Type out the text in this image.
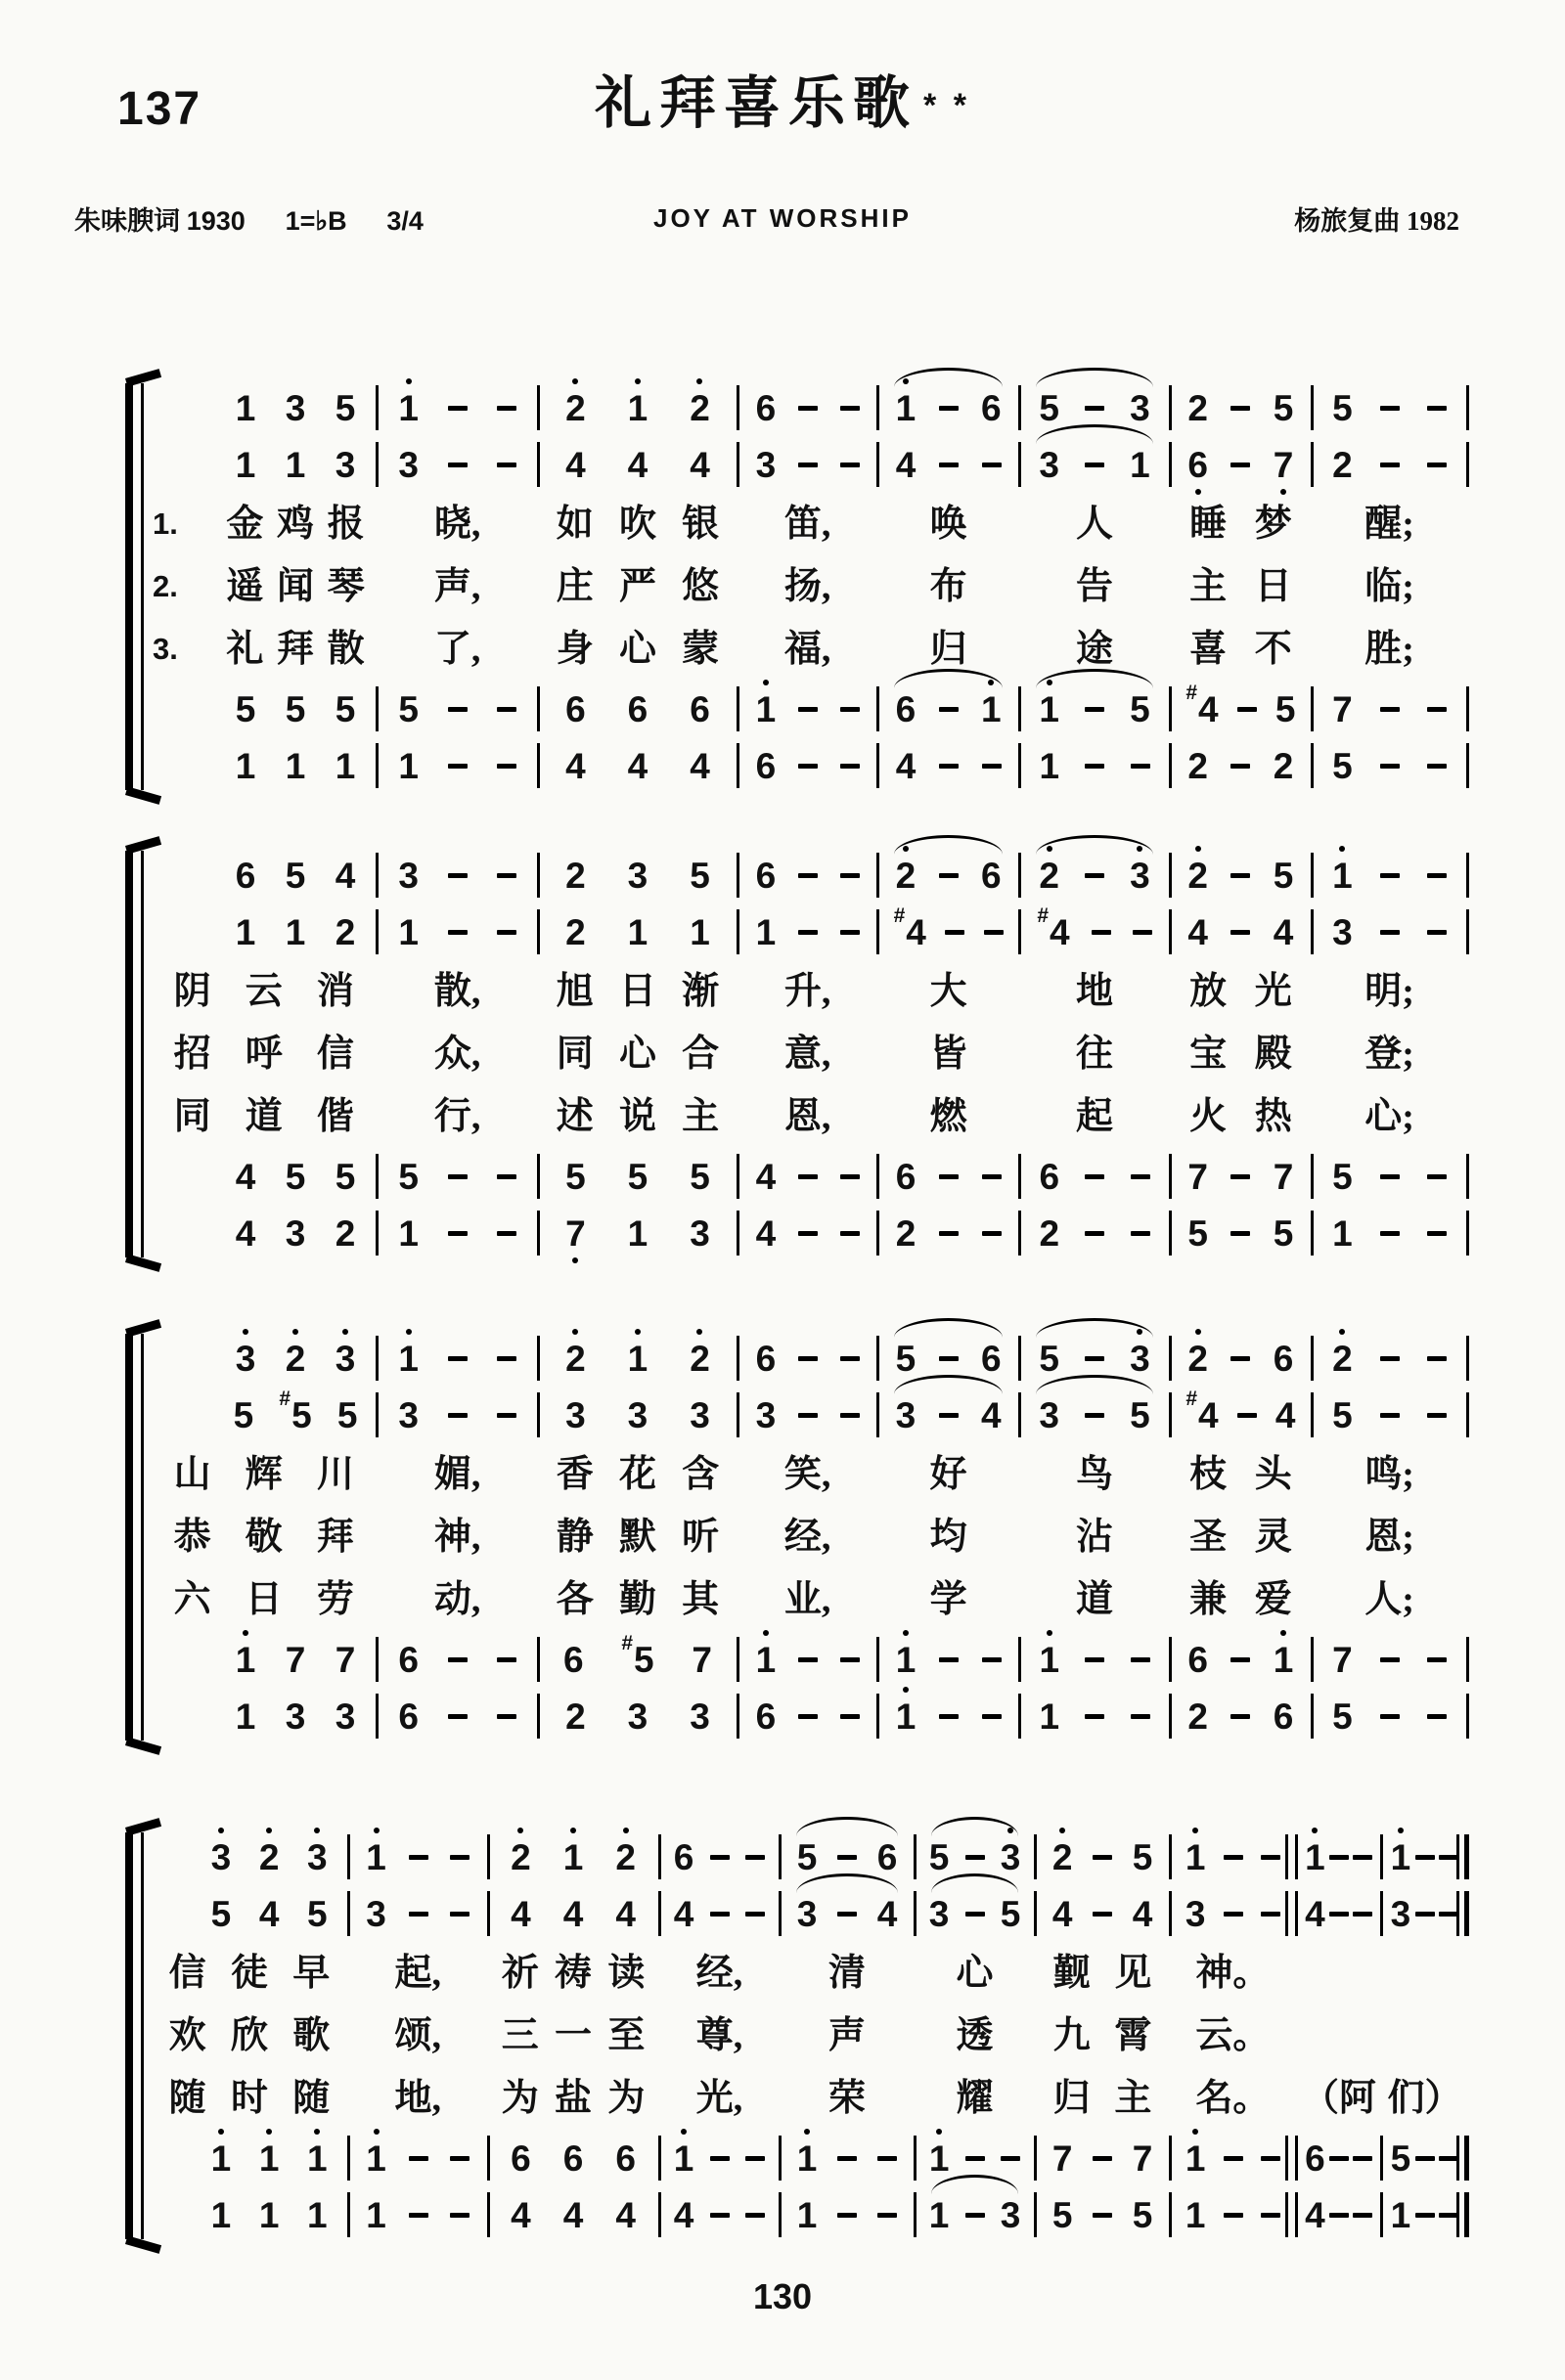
137	礼拜喜乐歌 * *
朱味腴词 1930 1=♭B 3/4	JOY AT WORSHIP	杨旅复曲 1982

	1 3 5	1	2 1 2	6	1 6	5 3	2 5	5

	1 1 3	3	4 4 4	3	4	3 1	6 7	2

1.	金 鸡 报	晓,	如 吹 银	笛,	唤	人	睡 梦	醒;

2.	遥 闻 琴	声,	庄 严 悠	扬,	布	告	主 日	临;

3.	礼 拜 散	了,	身 心 蒙	福,	归	途	喜 不	胜;

	5 5 5	5	6 6 6	1	6 1	1 5	# 4 5	7

	1 1 1	1	4 4 4	6	4	1	2 2	5

	6 5 4	3	2 3 5	6	2 6	2 3	2 5	1

	1 1 2	1	2 1 1	1	# 4	# 4	4 4	3

阴 云 消		散,	旭 日 渐	升,	大	地	放 光	明;

招 呼 信		众,	同 心 合	意,	皆	往	宝 殿	登;

同 道 偕		行,	述 说 主	恩,	燃	起	火 热	心;

	4 5 5	5	5 5 5	4	6	6	7 7	5

	4 3 2	1	7 1 3	4	2	2	5 5	1

	3 2 3	1	2 1 2	6	5 6	5 3	2 6	2

	5 # 5 5	3	3 3 3	3	3 4	3 5	# 4 4	5

山 辉 川		媚,	香 花 含	笑,	好	鸟	枝 头	鸣;

恭 敬 拜		神,	静 默 听	经,	均	沾	圣 灵	恩;

六 日 劳		动,	各 勤 其	业,	学	道	兼 爱	人;

	1 7 7	6	6 # 5 7	1	1	1	6 1	7

	1 3 3	6	2 3 3	6	1	1	2 6	5

	3 2 3	1	2 1 2	6	5 6	5 3	2 5	1	1	1

	5 4 5	3	4 4 4	4	3 4	3 5	4 4	3	4	3

信 徒 早		起,	祈 祷 读	经,	清	心	觐 见	神。		

欢 欣 歌		颂,	三 一 至	尊,	声	透	九 霄	云。		

随 时 随		地,	为 盐 为	光,	荣	耀	归 主	名。	（阿	们）

	1 1 1	1	6 6 6	1	1	1	7 7	1	6	5

	1 1 1	1	4 4 4	4	1	1 3	5 5	1	4	1
130
